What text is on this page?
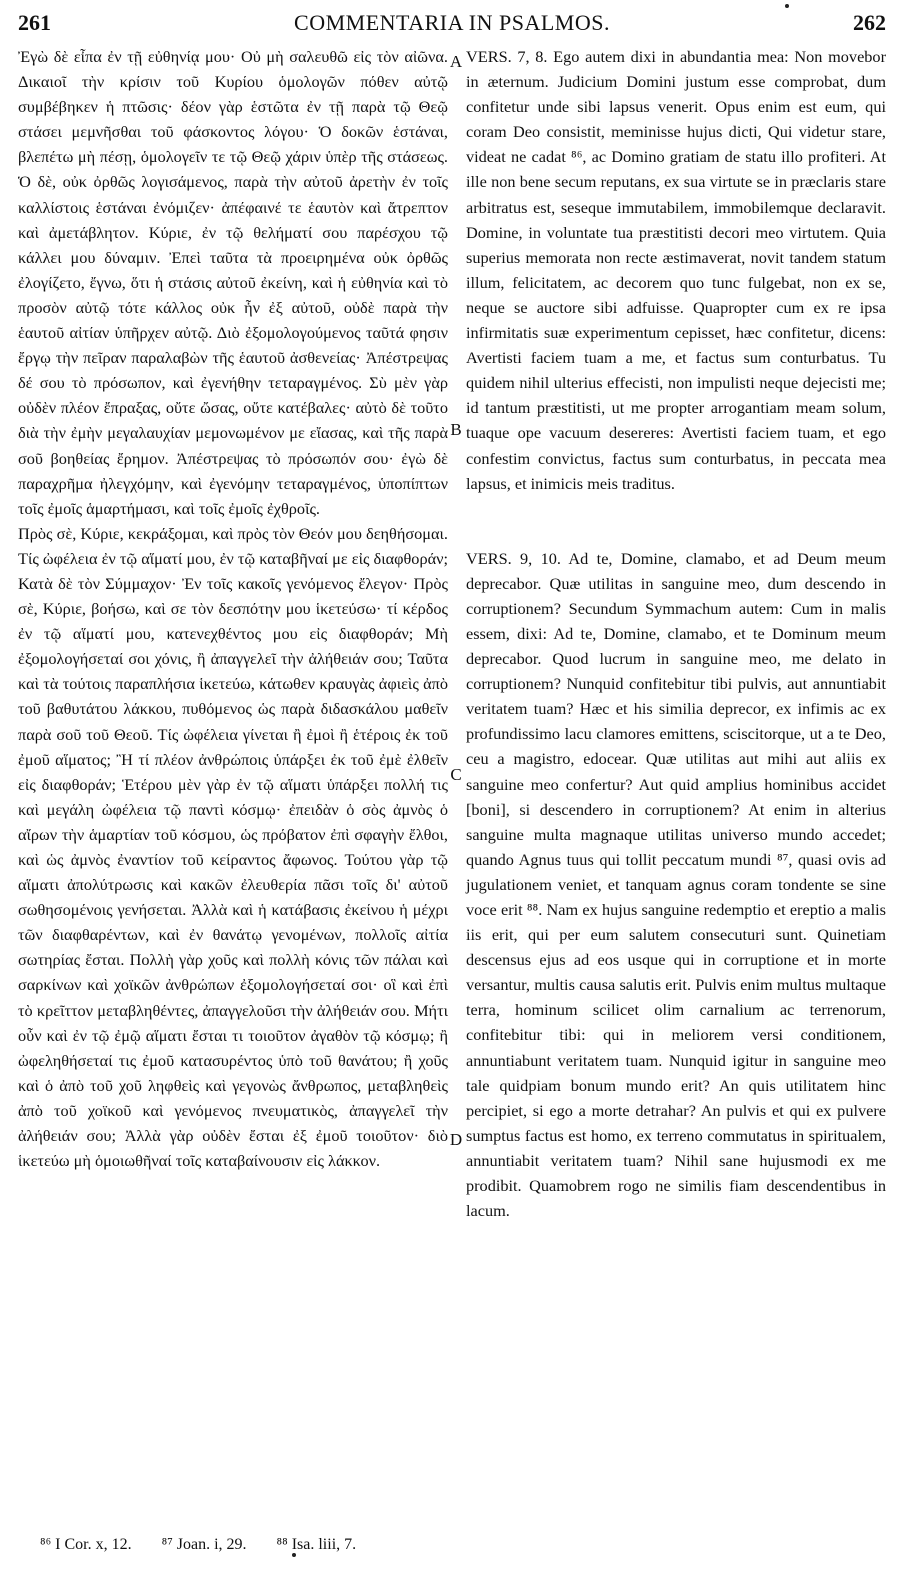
261	COMMENTARIA IN PSALMOS.	262

Ἐγὼ δὲ εἶπα ἐν τῇ εὐθηνίᾳ μου· Οὐ μὴ σαλευθῶ εἰς τὸν αἰῶνα. Δικαιοῖ τὴν κρίσιν τοῦ Κυρίου ὁμολογῶν πόθεν αὐτῷ συμβέβηκεν ἡ πτῶσις· δέον γὰρ ἑστῶτα ἐν τῇ παρὰ τῷ Θεῷ στάσει μεμνῆσθαι τοῦ φάσκοντος λόγου· Ὁ δοκῶν ἑστάναι, βλεπέτω μὴ πέσῃ, ὁμολογεῖν τε τῷ Θεῷ χάριν ὑπὲρ τῆς στάσεως. Ὁ δὲ, οὐκ ὀρθῶς λογισάμενος, παρὰ τὴν αὐτοῦ ἀρετὴν ἐν τοῖς καλλίστοις ἑστάναι ἐνόμιζεν· ἀπέφαινέ τε ἑαυτὸν καὶ ἄτρεπτον καὶ ἀμετάβλητον. Κύριε, ἐν τῷ θελήματί σου παρέσχου τῷ κάλλει μου δύναμιν. Ἐπεὶ ταῦτα τὰ προειρημένα οὐκ ὀρθῶς ἐλογίζετο, ἔγνω, ὅτι ἡ στάσις αὐτοῦ ἐκείνη, καὶ ἡ εὐθηνία καὶ τὸ προσὸν αὐτῷ τότε κάλλος οὐκ ἦν ἐξ αὐτοῦ, οὐδὲ παρὰ τὴν ἑαυτοῦ αἰτίαν ὑπῆρχεν αὐτῷ. Διὸ ἐξομολογούμενος ταῦτά φησιν ἔργῳ τὴν πεῖραν παραλαβὼν τῆς ἑαυτοῦ ἀσθενείας· Ἀπέστρεψας δέ σου τὸ πρόσωπον, καὶ ἐγενήθην τεταραγμένος. Σὺ μὲν γὰρ οὐδὲν πλέον ἔπραξας, οὔτε ὤσας, οὔτε κατέβαλες· αὐτὸ δὲ τοῦτο διὰ τὴν ἐμὴν μεγαλαυχίαν μεμονωμένον με εἴασας, καὶ τῆς παρὰ σοῦ βοηθείας ἔρημον. Ἀπέστρεψας τὸ πρόσωπόν σου· ἐγὼ δὲ παραχρῆμα ἠλεγχόμην, καὶ ἐγενόμην τεταραγμένος, ὑποπίπτων τοῖς ἐμοῖς ἁμαρτήμασι, καὶ τοῖς ἐμοῖς ἐχθροῖς.

Πρὸς σὲ, Κύριε, κεκράξομαι, καὶ πρὸς τὸν Θεόν μου δεηθήσομαι. Τίς ὠφέλεια ἐν τῷ αἵματί μου, ἐν τῷ καταβῆναί με εἰς διαφθοράν; Κατὰ δὲ τὸν Σύμμαχον· Ἐν τοῖς κακοῖς γενόμενος ἔλεγον· Πρὸς σὲ, Κύριε, βοήσω, καὶ σε τὸν δεσπότην μου ἱκετεύσω· τί κέρδος ἐν τῷ αἵματί μου, κατενεχθέντος μου εἰς διαφθοράν; Μὴ ἐξομολογήσεταί σοι χόνις, ἢ ἀπαγγελεῖ τὴν ἀλήθειάν σου; Ταῦτα καὶ τὰ τούτοις παραπλήσια ἱκετεύω, κάτωθεν κραυγὰς ἀφιεὶς ἀπὸ τοῦ βαθυτάτου λάκκου, πυθόμενος ὡς παρὰ διδασκάλου μαθεῖν παρὰ σοῦ τοῦ Θεοῦ. Τίς ὠφέλεια γίνεται ἢ ἐμοὶ ἢ ἑτέροις ἐκ τοῦ ἐμοῦ αἵματος; Ἢ τί πλέον ἀνθρώποις ὑπάρξει ἐκ τοῦ ἐμὲ ἐλθεῖν εἰς διαφθοράν; Ἑτέρου μὲν γὰρ ἐν τῷ αἵματι ὑπάρξει πολλή τις καὶ μεγάλη ὠφέλεια τῷ παντὶ κόσμῳ· ἐπειδὰν ὁ σὸς ἀμνὸς ὁ αἴρων τὴν ἁμαρτίαν τοῦ κόσμου, ὡς πρόβατον ἐπὶ σφαγὴν ἔλθοι, καὶ ὡς ἀμνὸς ἐναντίον τοῦ κείραντος ἄφωνος. Τούτου γὰρ τῷ αἵματι ἀπολύτρωσις καὶ κακῶν ἐλευθερία πᾶσι τοῖς δι' αὐτοῦ σωθησομένοις γενήσεται. Ἀλλὰ καὶ ἡ κατάβασις ἐκείνου ἡ μέχρι τῶν διαφθαρέντων, καὶ ἐν θανάτῳ γενομένων, πολλοῖς αἰτία σωτηρίας ἔσται. Πολλὴ γὰρ χοῦς καὶ πολλὴ κόνις τῶν πάλαι καὶ σαρκίνων καὶ χοϊκῶν ἀνθρώπων ἐξομολογήσεταί σοι· οἳ καὶ ἐπὶ τὸ κρεῖττον μεταβληθέντες, ἀπαγγελοῦσι τὴν ἀλήθειάν σου. Μήτι οὖν καὶ ἐν τῷ ἐμῷ αἵματι ἔσται τι τοιοῦτον ἀγαθὸν τῷ κόσμῳ; ἢ ὠφεληθήσεταί τις ἐμοῦ κατασυρέντος ὑπὸ τοῦ θανάτου; ἢ χοῦς καὶ ὁ ἀπὸ τοῦ χοῦ ληφθεὶς καὶ γεγονὼς ἄνθρωπος, μεταβληθεὶς ἀπὸ τοῦ χοϊκοῦ καὶ γενόμενος πνευματικὸς, ἀπαγγελεῖ τὴν ἀλήθειάν σου; Ἀλλὰ γὰρ οὐδὲν ἔσται ἐξ ἐμοῦ τοιοῦτον· διὸ ἱκετεύω μὴ ὁμοιωθῆναί τοῖς καταβαίνουσιν εἰς λάκκον.

A
B
C
D

VERS. 7, 8. Ego autem dixi in abundantia mea: Non movebor in æternum. Judicium Domini justum esse comprobat, dum confitetur unde sibi lapsus venerit. Opus enim est eum, qui coram Deo consistit, meminisse hujus dicti, Qui videtur stare, videat ne cadat ⁸⁶, ac Domino gratiam de statu illo profiteri. At ille non bene secum reputans, ex sua virtute se in præclaris stare arbitratus est, seseque immutabilem, immobilemque declaravit. Domine, in voluntate tua præstitisti decori meo virtutem. Quia superius memorata non recte æstimaverat, novit tandem statum illum, felicitatem, ac decorem quo tunc fulgebat, non ex se, neque se auctore sibi adfuisse. Quapropter cum ex re ipsa infirmitatis suæ experimentum cepisset, hæc confitetur, dicens: Avertisti faciem tuam a me, et factus sum conturbatus. Tu quidem nihil ulterius effecisti, non impulisti neque dejecisti me; id tantum præstitisti, ut me propter arrogantiam meam solum, tuaque ope vacuum desereres: Avertisti faciem tuam, et ego confestim convictus, factus sum conturbatus, in peccata mea lapsus, et inimicis meis traditus.

VERS. 9, 10. Ad te, Domine, clamabo, et ad Deum meum deprecabor. Quæ utilitas in sanguine meo, dum descendo in corruptionem? Secundum Symmachum autem: Cum in malis essem, dixi: Ad te, Domine, clamabo, et te Dominum meum deprecabor. Quod lucrum in sanguine meo, me delato in corruptionem? Nunquid confitebitur tibi pulvis, aut annuntiabit veritatem tuam? Hæc et his similia deprecor, ex infimis ac ex profundissimo lacu clamores emittens, sciscitorque, ut a te Deo, ceu a magistro, edocear. Quæ utilitas aut mihi aut aliis ex sanguine meo confertur? Aut quid amplius hominibus accidet [boni], si descendero in corruptionem? At enim in alterius sanguine multa magnaque utilitas universo mundo accedet; quando Agnus tuus qui tollit peccatum mundi ⁸⁷, quasi ovis ad jugulationem veniet, et tanquam agnus coram tondente se sine voce erit ⁸⁸. Nam ex hujus sanguine redemptio et ereptio a malis iis erit, qui per eum salutem consecuturi sunt. Quinetiam descensus ejus ad eos usque qui in corruptione et in morte versantur, multis causa salutis erit. Pulvis enim multus multaque terra, hominum scilicet olim carnalium ac terrenorum, confitebitur tibi: qui in meliorem versi conditionem, annuntiabunt veritatem tuam. Nunquid igitur in sanguine meo tale quidpiam bonum mundo erit? An quis utilitatem hinc percipiet, si ego a morte detrahar? An pulvis et qui ex pulvere sumptus factus est homo, ex terreno commutatus in spiritualem, annuntiabit veritatem tuam? Nihil sane hujusmodi ex me prodibit. Quamobrem rogo ne similis fiam descendentibus in lacum.

⁸⁶ I Cor. x, 12. ⁸⁷ Joan. i, 29. ⁸⁸ Isa. liii, 7.
